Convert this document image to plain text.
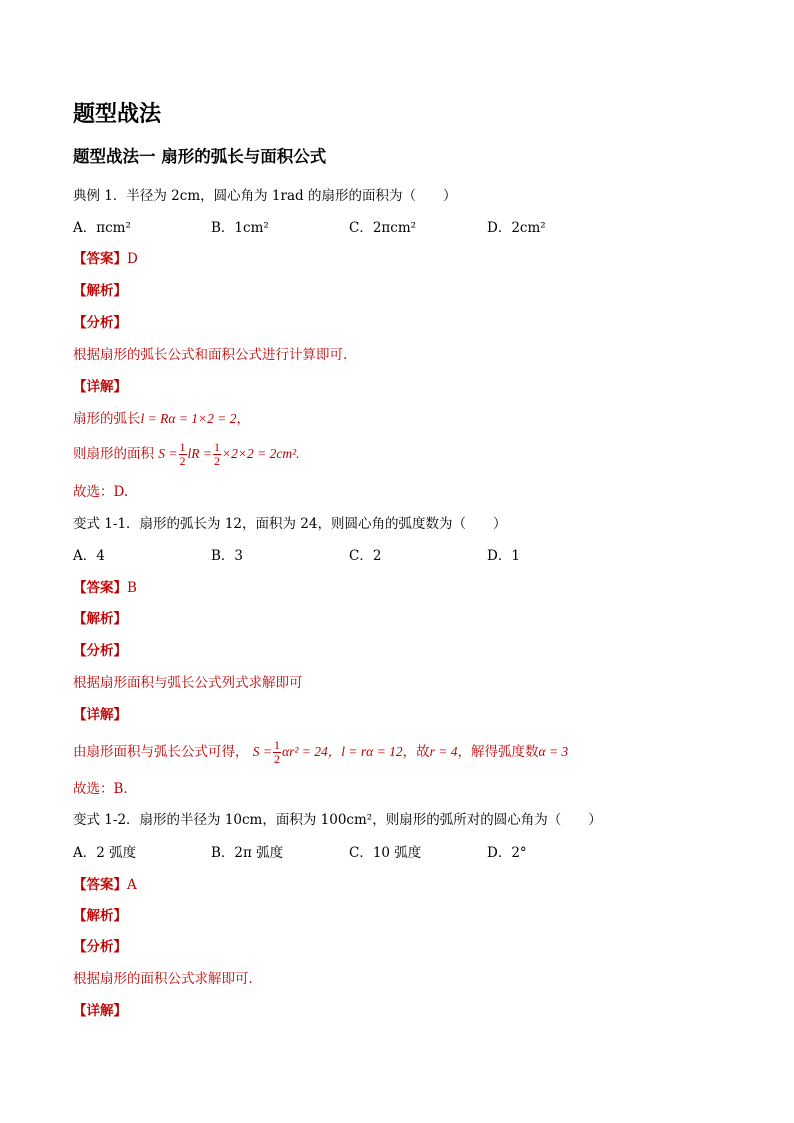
题型战法
题型战法一 扇形的弧长与面积公式
典例 1．半径为 2cm，圆心角为 1rad 的扇形的面积为（　　）
A．πcm²	B．1cm²	C．2πcm²	D．2cm²
【答案】D
【解析】
【分析】
根据扇形的弧长公式和面积公式进行计算即可．
【详解】
扇形的弧长l = Rα = 1×2 = 2，
则扇形的面积 $S = \frac{1}{2}$ lR = $\frac{1}{2} \times 2\times 2 = 2cm^2$.
故选：D.
变式 1-1．扇形的弧长为 12，面积为 24，则圆心角的弧度数为（　　）
A．4	B．3	C．2	D．1
【答案】B
【解析】
【分析】
根据扇形面积与弧长公式列式求解即可
【详解】
由扇形面积与弧长公式可得， $S = \frac{1}{2} \alpha r^2 = 24$，l = rα = 12，故r = 4，解得弧度数α = 3
故选：B.
变式 1-2．扇形的半径为 10cm，面积为 100cm²，则扇形的弧所对的圆心角为（　　）
A．2 弧度	B．2π 弧度	C．10 弧度	D．2°
【答案】A
【解析】
【分析】
根据扇形的面积公式求解即可．
【详解】
